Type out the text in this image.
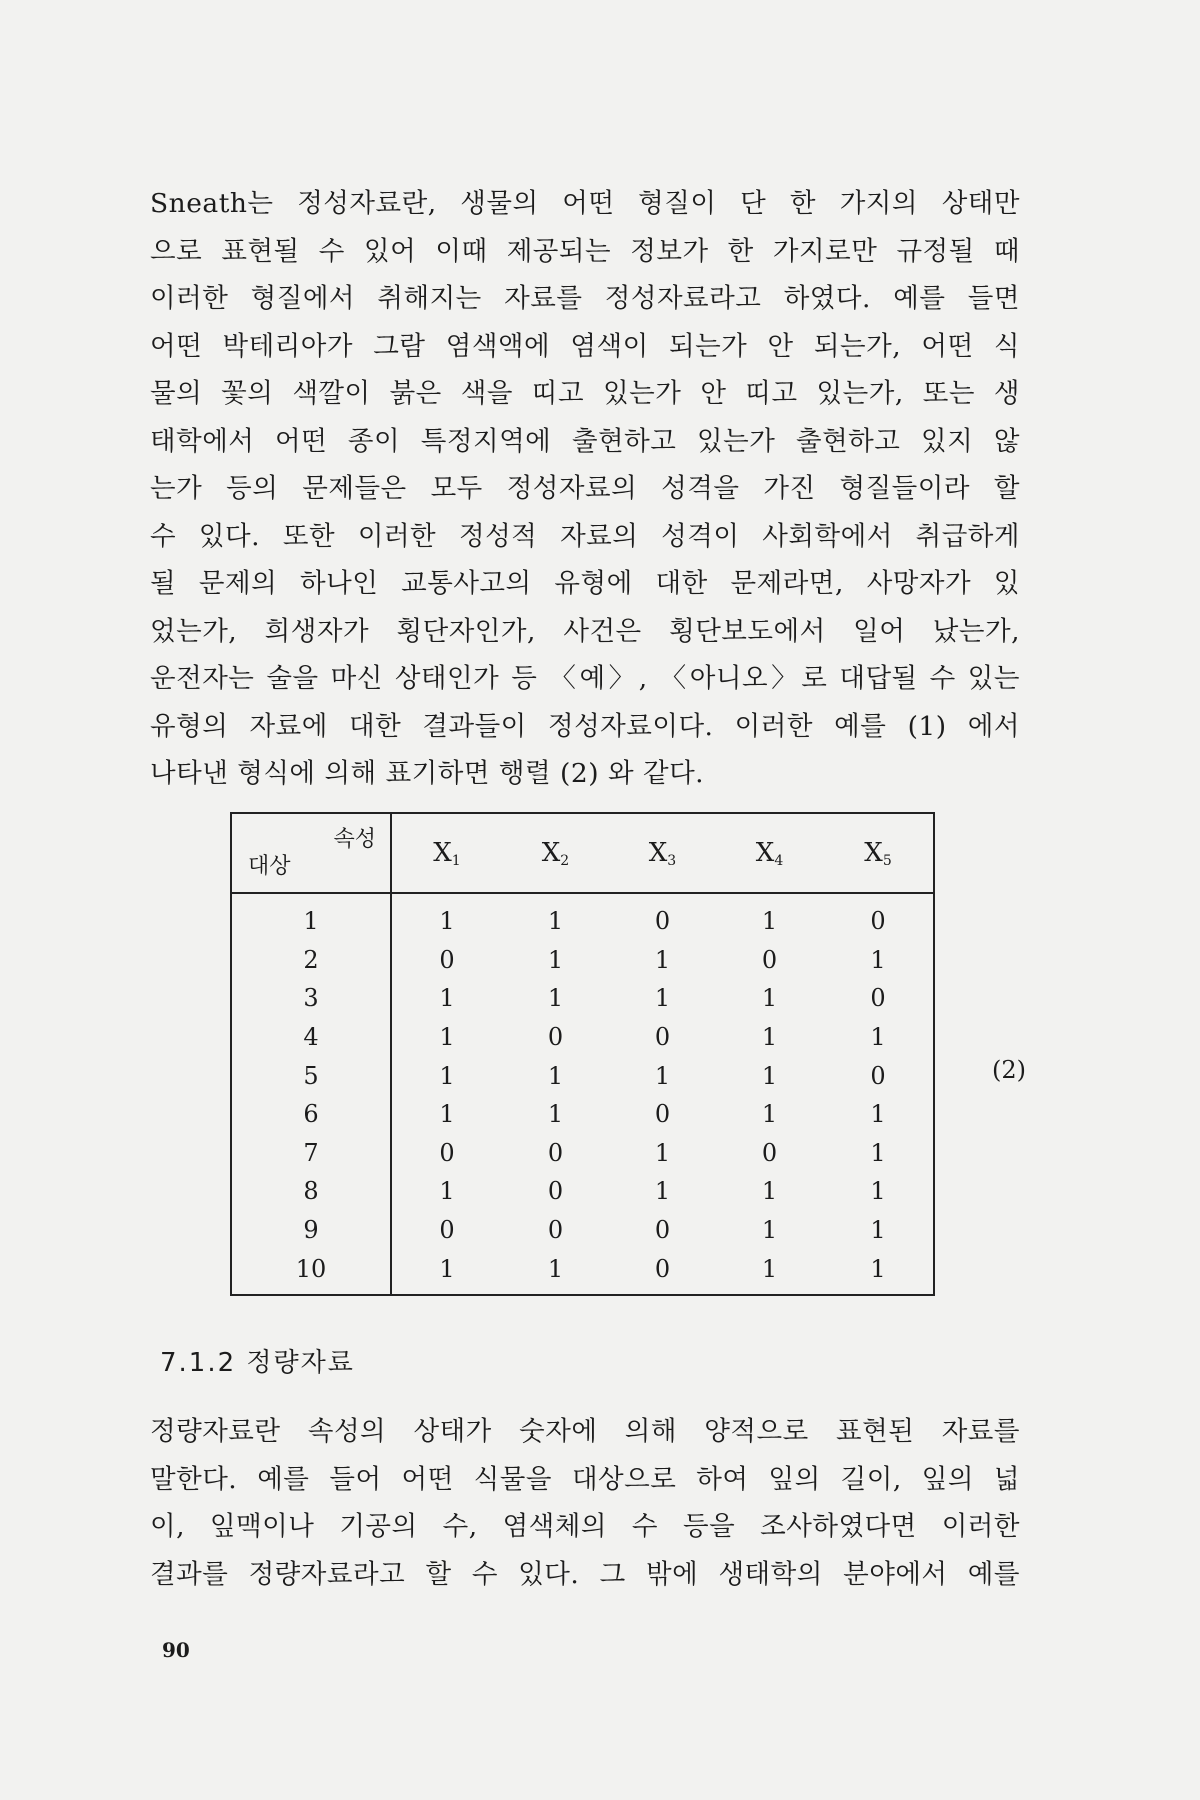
Sneath는 정성자료란, 생물의 어떤 형질이 단 한 가지의 상태만
으로 표현될 수 있어 이때 제공되는 정보가 한 가지로만 규정될 때
이러한 형질에서 취해지는 자료를 정성자료라고 하였다. 예를 들면
어떤 박테리아가 그람 염색액에 염색이 되는가 안 되는가, 어떤 식
물의 꽃의 색깔이 붉은 색을 띠고 있는가 안 띠고 있는가, 또는 생
태학에서 어떤 종이 특정지역에 출현하고 있는가 출현하고 있지 않
는가 등의 문제들은 모두 정성자료의 성격을 가진 형질들이라 할
수 있다. 또한 이러한 정성적 자료의 성격이 사회학에서 취급하게
될 문제의 하나인 교통사고의 유형에 대한 문제라면, 사망자가 있
었는가, 희생자가 횡단자인가, 사건은 횡단보도에서 일어 났는가,
운전자는 술을 마신 상태인가 등 〈예〉, 〈아니오〉로 대답될 수 있는
유형의 자료에 대한 결과들이 정성자료이다. 이러한 예를 (1) 에서
나타낸 형식에 의해 표기하면 행렬 (2) 와 같다.

속성
대상	$X_1$	$X_2$	$X_3$	$X_4$	$X_5$
1	1	1	0	1	0
2	0	1	1	0	1
3	1	1	1	1	0
4	1	0	0	1	1
5	1	1	1	1	0
6	1	1	0	1	1
7	0	0	1	0	1
8	1	0	1	1	1
9	0	0	0	1	1
10	1	1	0	1	1
(2)
7.1.2 정량자료

정량자료란 속성의 상태가 숫자에 의해 양적으로 표현된 자료를
말한다. 예를 들어 어떤 식물을 대상으로 하여 잎의 길이, 잎의 넓
이, 잎맥이나 기공의 수, 염색체의 수 등을 조사하였다면 이러한
결과를 정량자료라고 할 수 있다. 그 밖에 생태학의 분야에서 예를

90
